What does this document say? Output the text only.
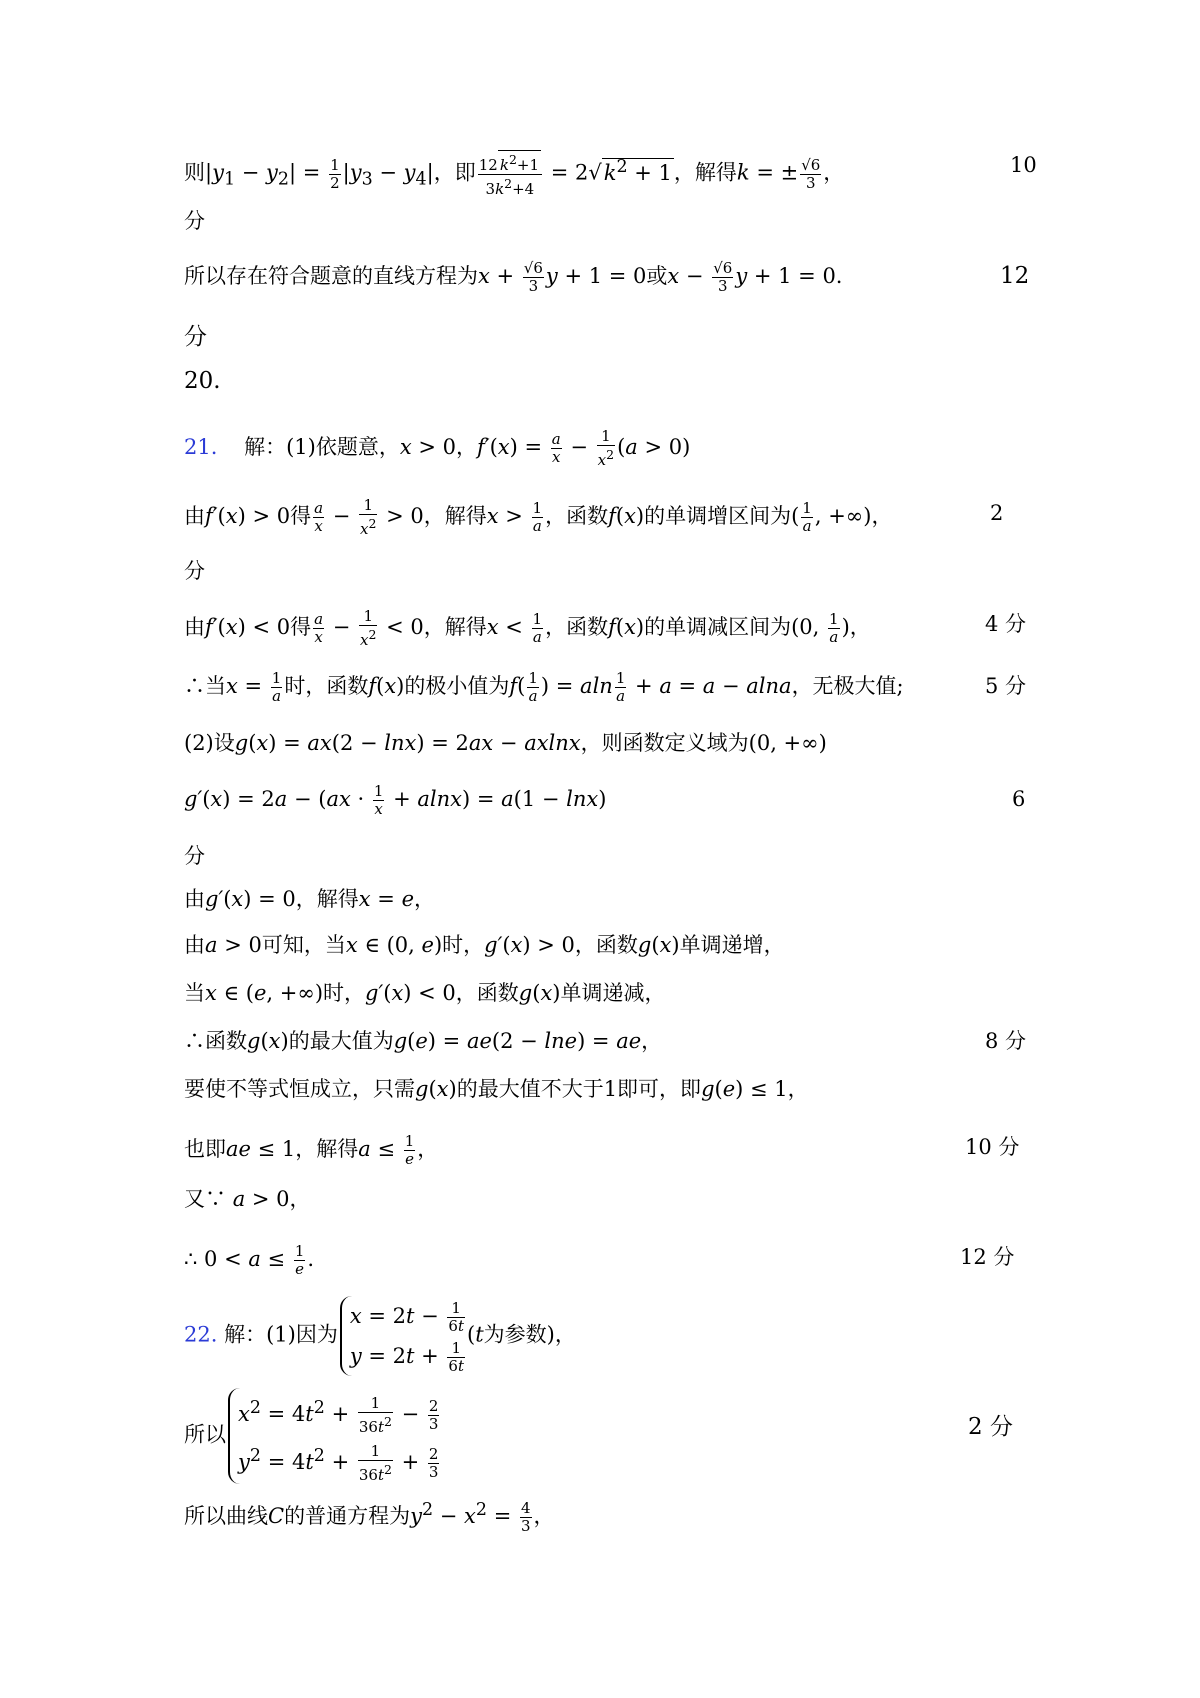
则$|y_1 - y_2| = \frac{1}{2} |y_3 - y_4|$，即 $\frac{12 k^2+1}{3k^2+4} = 2√k^2 + 1$，解得k = ± $\frac{√6}{3}$ ，	10
分
所以存在符合题意的直线方程为$x + \frac{√6}{3}$ y + 1 = 0或$x - \frac{√6}{3}$ y + 1 = 0.	12
分
20.
21.    解：(1)依题意，x > 0，$f'(x) = \frac{a}{x} - \frac{1}{x^2} (a > 0)$
由f′(x) > 0得 $\frac{a}{x} - \frac{1}{x^2} > 0$，解得$x > \frac{1}{a}$ ，函数f(x)的单调增区间为( $\frac{1}{a}$ , +∞)，	2
分
由f′(x) < 0得 $\frac{a}{x} - \frac{1}{x^2} < 0$，解得$x < \frac{1}{a}$ ，函数f(x)的单调减区间为(0, $\frac{1}{a}$ )，	4 分
∴当$x = \frac{1}{a}$ 时，函数f(x)的极小值为$f( \frac{1}{a}$ ) = aln $\frac{1}{a} + a = a - alna$，无极大值;	5 分
(2)设g(x) = ax(2 − lnx) = 2ax − axlnx，则函数定义域为(0, +∞)
$g'(x) = 2a - (ax \cdot \frac{1}{x} + alnx) = a(1 - \ln x)$	6
分
由g′(x) = 0，解得x = e，
由a > 0可知，当x ∈ (0, e)时，g′(x) > 0，函数g(x)单调递增，
当x ∈ (e, +∞)时，g′(x) < 0，函数g(x)单调递减，
∴函数g(x)的最大值为g(e) = ae(2 − lne) = ae，	8 分
要使不等式恒成立，只需g(x)的最大值不大于1即可，即g(e) ≤ 1，
也即ae ≤ 1，解得$a \le \frac{1}{e}$ ，	10 分
又∵ a > 0，
∴ $0 < a \le \frac{1}{e}$ .	12 分
22. 解：(1)因为
$x = 2t - \frac{1}{6t}$
$y = 2t + \frac{1}{6t}$
(t为参数)，
所以
$x^2 = 4t^2 + \frac{1}{36t^2} - \frac{2}{3}$
$y^2 = 4t^2 + \frac{1}{36t^2} + \frac{2}{3}$
2 分
所以曲线C的普通方程为$y^2 - x^2 = \frac{4}{3}$ ，
